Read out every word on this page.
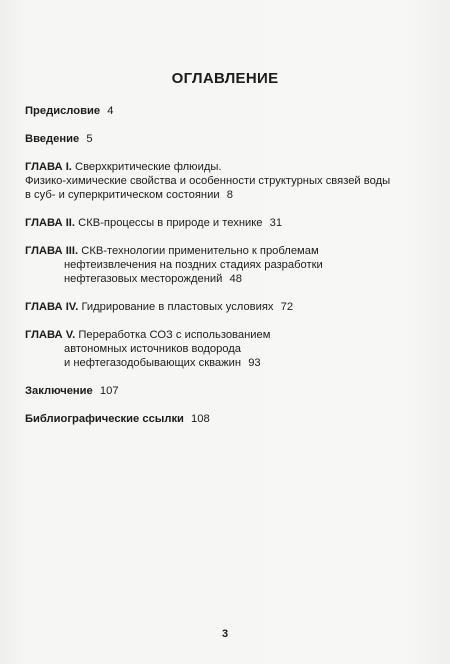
ОГЛАВЛЕНИЕ
Предисловие 4
Введение 5
ГЛАВА I. Сверхкритические флюиды.
Физико-химические свойства и особенности структурных связей воды
в суб- и суперкритическом состоянии 8
ГЛАВА II. СКВ-процессы в природе и технике 31
ГЛАВА III. СКВ-технологии применительно к проблемам
нефтеизвлечения на поздних стадиях разработки
нефтегазовых месторождений 48
ГЛАВА IV. Гидрирование в пластовых условиях 72
ГЛАВА V. Переработка СОЗ с использованием
автономных источников водорода
и нефтегазодобывающих скважин 93
Заключение 107
Библиографические ссылки 108
3
